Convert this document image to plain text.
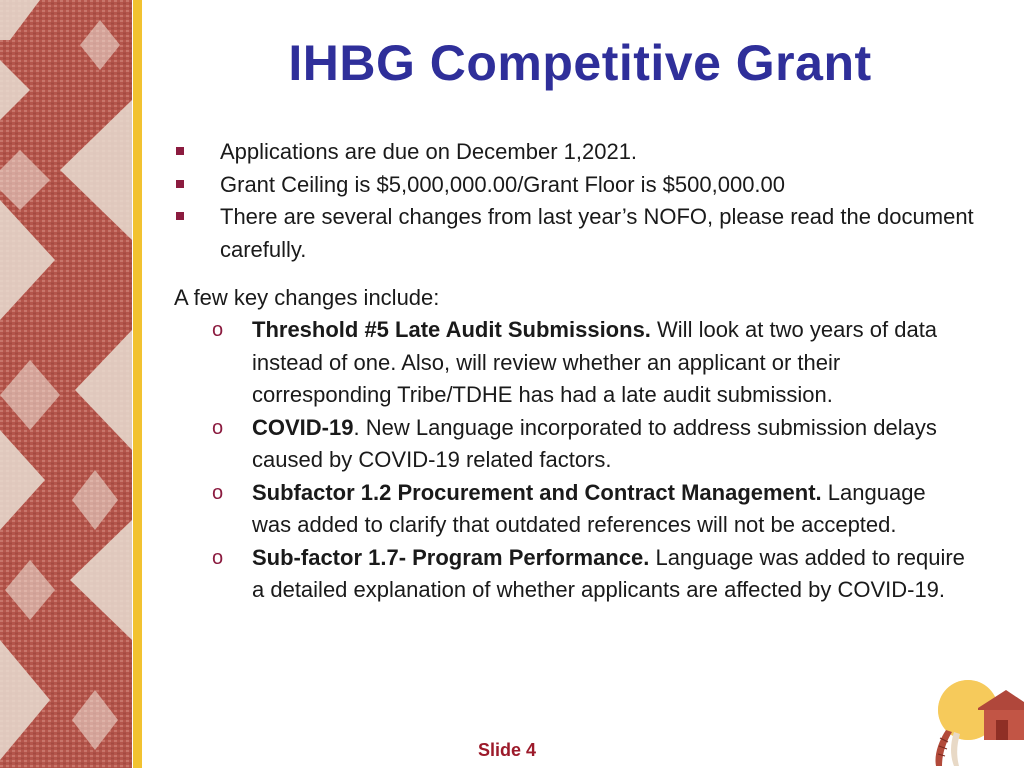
IHBG Competitive Grant
Applications are due on December 1,2021.
Grant Ceiling is $5,000,000.00/Grant Floor is $500,000.00
There are several changes from last year’s NOFO, please read the document carefully.
A few key changes include:
o Threshold #5 Late Audit Submissions. Will look at two years of data instead of one. Also, will review whether an applicant or their corresponding Tribe/TDHE has had a late audit submission.
o COVID-19. New Language incorporated to address submission delays caused by COVID-19 related factors.
o Subfactor 1.2 Procurement and Contract Management. Language was added to clarify that outdated references will not be accepted.
o Sub-factor 1.7- Program Performance. Language was added to require a detailed explanation of whether applicants are affected by COVID-19.
Slide 4
